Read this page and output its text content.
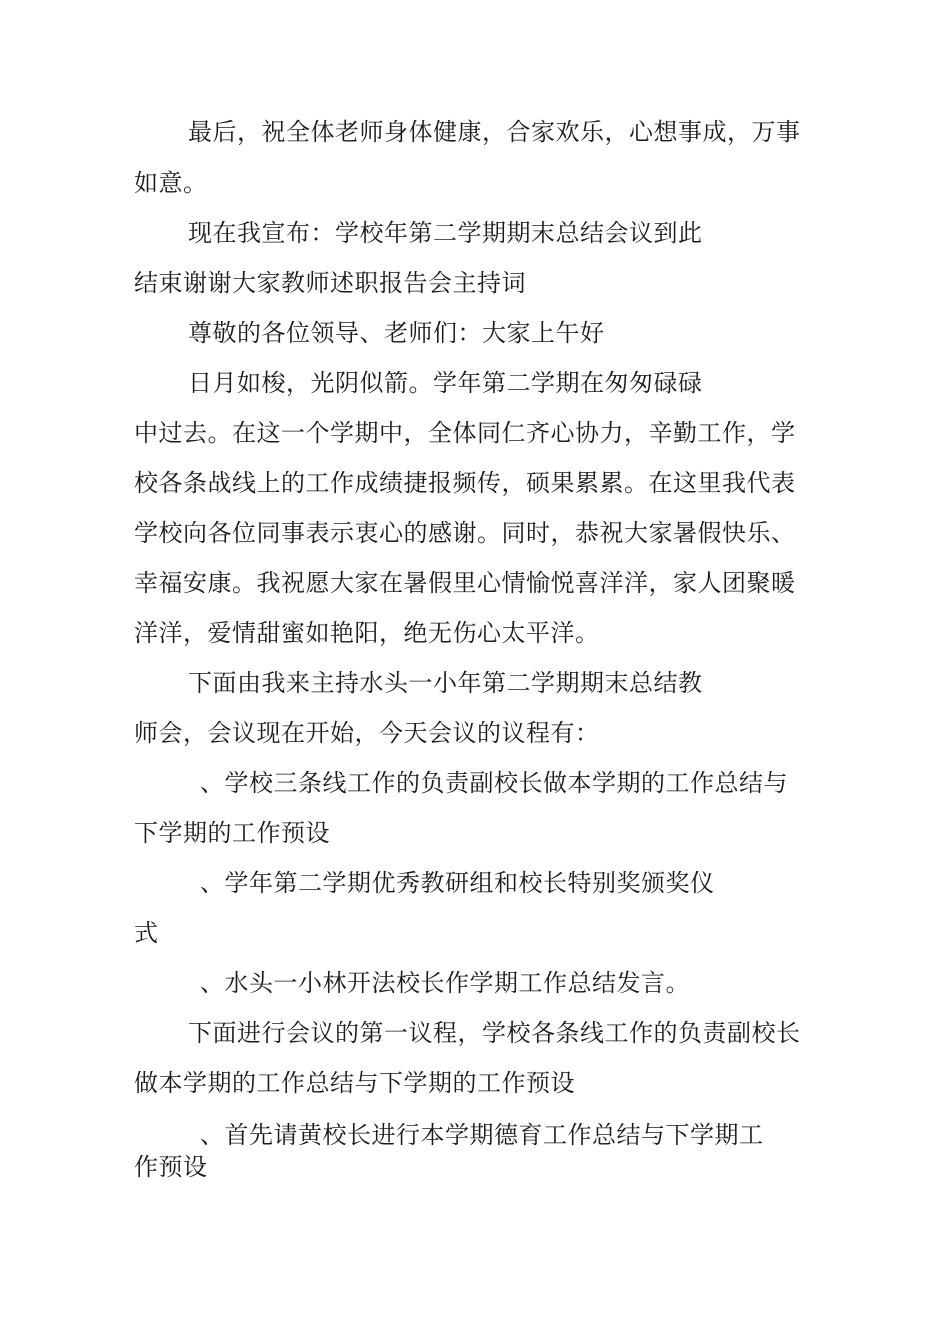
最后，祝全体老师身体健康，合家欢乐，心想事成，万事
如意。
现在我宣布：学校年第二学期期末总结会议到此
结束谢谢大家教师述职报告会主持词
尊敬的各位领导、老师们：大家上午好
日月如梭，光阴似箭。学年第二学期在匆匆碌碌
中过去。在这一个学期中，全体同仁齐心协力，辛勤工作，学
校各条战线上的工作成绩捷报频传，硕果累累。在这里我代表
学校向各位同事表示衷心的感谢。同时，恭祝大家暑假快乐、
幸福安康。我祝愿大家在暑假里心情愉悦喜洋洋，家人团聚暖
洋洋，爱情甜蜜如艳阳，绝无伤心太平洋。
下面由我来主持水头一小年第二学期期末总结教
师会，会议现在开始，今天会议的议程有：
、学校三条线工作的负责副校长做本学期的工作总结与
下学期的工作预设
、学年第二学期优秀教研组和校长特别奖颁奖仪
式
、水头一小林开法校长作学期工作总结发言。
下面进行会议的第一议程，学校各条线工作的负责副校长
做本学期的工作总结与下学期的工作预设
、首先请黄校长进行本学期德育工作总结与下学期工
作预设
